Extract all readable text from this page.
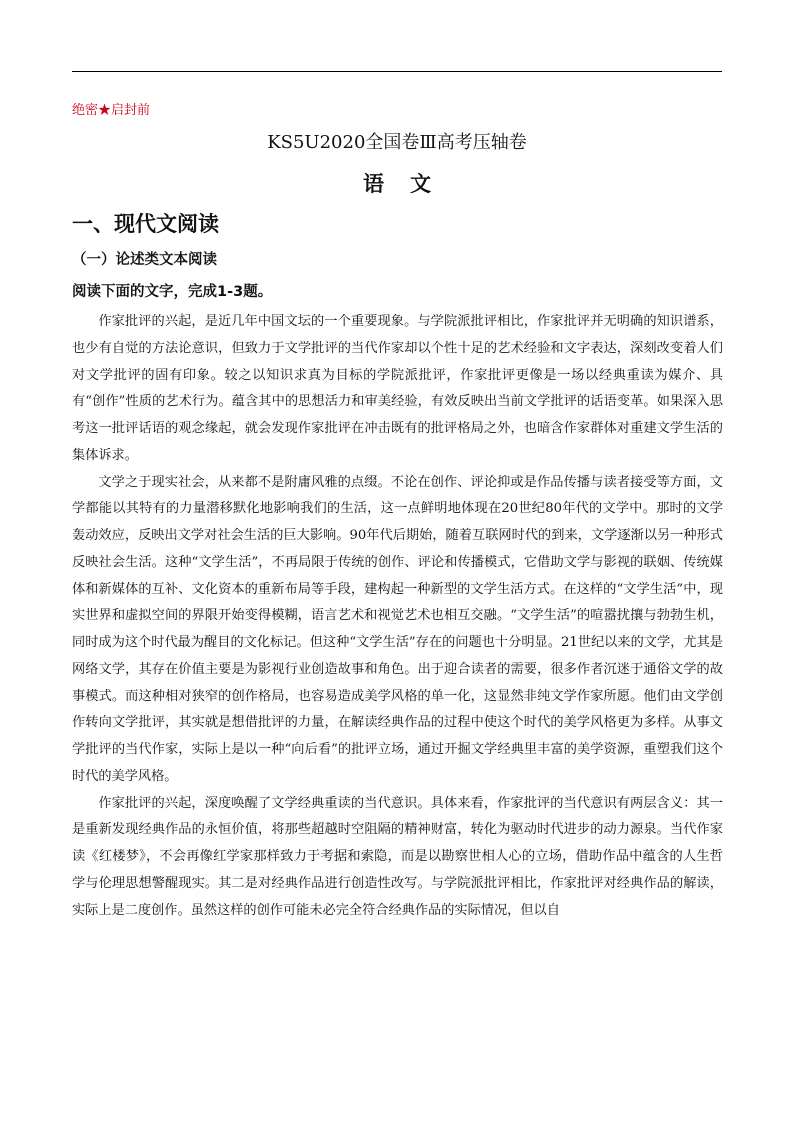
绝密★启封前
KS5U2020全国卷Ⅲ高考压轴卷
语文
一、现代文阅读
（一）论述类文本阅读
阅读下面的文字，完成1-3题。

作家批评的兴起，是近几年中国文坛的一个重要现象。与学院派批评相比，作家批评并无明确的知识谱系，也少有自觉的方法论意识，但致力于文学批评的当代作家却以个性十足的艺术经验和文字表达，深刻改变着人们对文学批评的固有印象。较之以知识求真为目标的学院派批评，作家批评更像是一场以经典重读为媒介、具有“创作”性质的艺术行为。蕴含其中的思想活力和审美经验，有效反映出当前文学批评的话语变革。如果深入思考这一批评话语的观念缘起，就会发现作家批评在冲击既有的批评格局之外，也暗含作家群体对重建文学生活的集体诉求。

文学之于现实社会，从来都不是附庸风雅的点缀。不论在创作、评论抑或是作品传播与读者接受等方面，文学都能以其特有的力量潜移默化地影响我们的生活，这一点鲜明地体现在20世纪80年代的文学中。那时的文学轰动效应，反映出文学对社会生活的巨大影响。90年代后期始，随着互联网时代的到来，文学逐渐以另一种形式反映社会生活。这种“文学生活”，不再局限于传统的创作、评论和传播模式，它借助文学与影视的联姻、传统媒体和新媒体的互补、文化资本的重新布局等手段，建构起一种新型的文学生活方式。在这样的“文学生活”中，现实世界和虚拟空间的界限开始变得模糊，语言艺术和视觉艺术也相互交融。“文学生活”的喧嚣扰攘与勃勃生机，同时成为这个时代最为醒目的文化标记。但这种“文学生活”存在的问题也十分明显。21世纪以来的文学，尤其是网络文学，其存在价值主要是为影视行业创造故事和角色。出于迎合读者的需要，很多作者沉迷于通俗文学的故事模式。而这种相对狭窄的创作格局，也容易造成美学风格的单一化，这显然非纯文学作家所愿。他们由文学创作转向文学批评，其实就是想借批评的力量，在解读经典作品的过程中使这个时代的美学风格更为多样。从事文学批评的当代作家，实际上是以一种“向后看”的批评立场，通过开掘文学经典里丰富的美学资源，重塑我们这个时代的美学风格。

作家批评的兴起，深度唤醒了文学经典重读的当代意识。具体来看，作家批评的当代意识有两层含义：其一是重新发现经典作品的永恒价值，将那些超越时空阻隔的精神财富，转化为驱动时代进步的动力源泉。当代作家读《红楼梦》，不会再像红学家那样致力于考据和索隐，而是以勘察世相人心的立场，借助作品中蕴含的人生哲学与伦理思想警醒现实。其二是对经典作品进行创造性改写。与学院派批评相比，作家批评对经典作品的解读，实际上是二度创作。虽然这样的创作可能未必完全符合经典作品的实际情况，但以自
